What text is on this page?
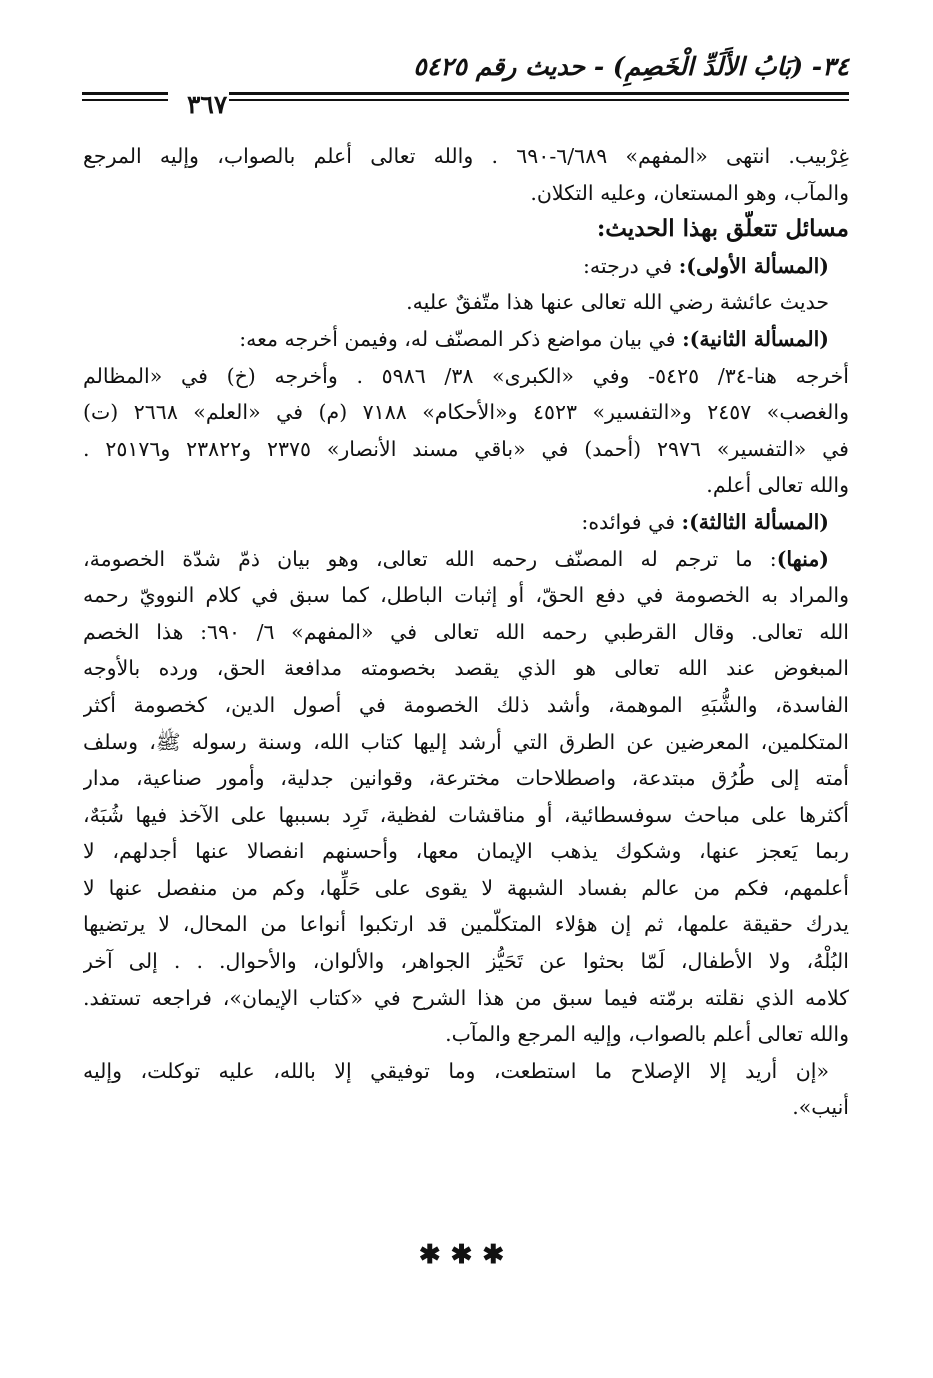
٣٤- (بَابُ الأَلَدِّ الْخَصِمِ) - حديث رقم ٥٤٢٥
٣٦٧
غِرْبيب. انتهى «المفهم» ٦/٦٨٩-٦٩٠ . والله تعالى أعلم بالصواب، وإليه المرجع
والمآب، وهو المستعان، وعليه التكلان.
مسائل تتعلّق بهذا الحديث:
(المسألة الأولى): في درجته:
حديث عائشة رضي الله تعالى عنها هذا متّفقٌ عليه.
(المسألة الثانية): في بيان مواضع ذكر المصنّف له، وفيمن أخرجه معه:
أخرجه هنا-٣٤/ ٥٤٢٥- وفي «الكبرى» ٣٨/ ٥٩٨٦ . وأخرجه (خ) في «المظالم
والغصب» ٢٤٥٧ و«التفسير» ٤٥٢٣ و«الأحكام» ٧١٨٨ (م) في «العلم» ٢٦٦٨ (ت)
في «التفسير» ٢٩٧٦ (أحمد) في «باقي مسند الأنصار» ٢٣٧٥ و٢٣٨٢٢ و٢٥١٧٦ .
والله تعالى أعلم.
(المسألة الثالثة): في فوائده:
(منها): ما ترجم له المصنّف رحمه الله تعالى، وهو بيان ذمّ شدّة الخصومة،
والمراد به الخصومة في دفع الحقّ، أو إثبات الباطل، كما سبق في كلام النوويّ رحمه
الله تعالى. وقال القرطبي رحمه الله تعالى في «المفهم» ٦/ ٦٩٠: هذا الخصم
المبغوض عند الله تعالى هو الذي يقصد بخصومته مدافعة الحق، ورده بالأوجه
الفاسدة، والشُّبَهِ الموهمة، وأشد ذلك الخصومة في أصول الدين، كخصومة أكثر
المتكلمين، المعرضين عن الطرق التي أرشد إليها كتاب الله، وسنة رسوله ﷺ، وسلف
أمته إلى طُرُق مبتدعة، واصطلاحات مخترعة، وقوانين جدلية، وأمور صناعية، مدار
أكثرها على مباحث سوفسطائية، أو مناقشات لفظية، تَرِد بسببها على الآخذ فيها شُبَهٌ،
ربما يَعجز عنها، وشكوك يذهب الإيمان معها، وأحسنهم انفصالا عنها أجدلهم، لا
أعلمهم، فكم من عالم بفساد الشبهة لا يقوى على حَلِّها، وكم من منفصل عنها لا
يدرك حقيقة علمها، ثم إن هؤلاء المتكلّمين قد ارتكبوا أنواعا من المحال، لا يرتضيها
البُلْهُ، ولا الأطفال، لَمّا بحثوا عن تَحَيُّز الجواهر، والألوان، والأحوال. . . إلى آخر
كلامه الذي نقلته برمّته فيما سبق من هذا الشرح في «كتاب الإيمان»، فراجعه تستفد.
والله تعالى أعلم بالصواب، وإليه المرجع والمآب.
«إن أريد إلا الإصلاح ما استطعت، وما توفيقي إلا بالله، عليه توكلت، وإليه
أنيب».
✱✱✱
